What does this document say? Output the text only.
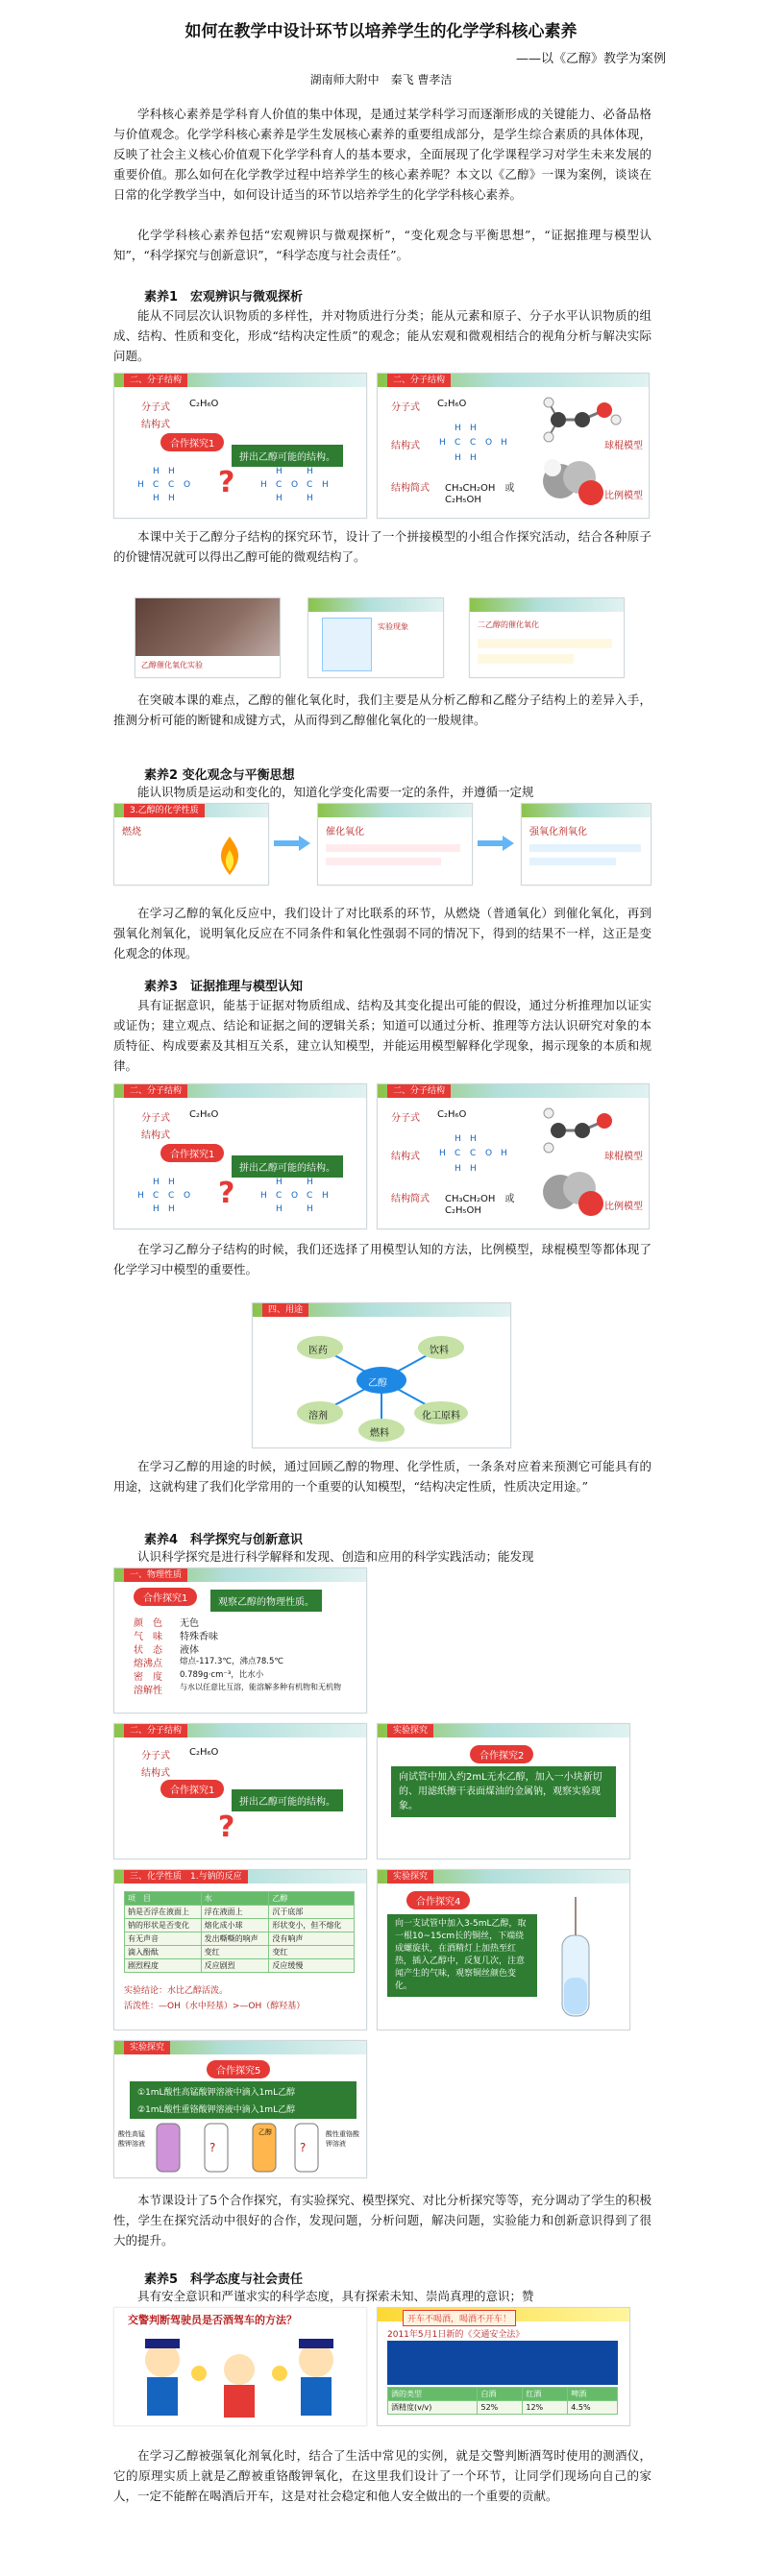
如何在教学中设计环节以培养学生的化学学科核心素养
——以《乙醇》教学为案例
湖南师大附中　秦飞 曹孝洁
学科核心素养是学科育人价值的集中体现，是通过某学科学习而逐渐形成的关键能力、必备品格与价值观念。化学学科核心素养是学生发展核心素养的重要组成部分，是学生综合素质的具体体现，反映了社会主义核心价值观下化学学科育人的基本要求，全面展现了化学课程学习对学生未来发展的重要价值。那么如何在化学教学过程中培养学生的核心素养呢？本文以《乙醇》一课为案例，谈谈在日常的化学教学当中，如何设计适当的环节以培养学生的化学学科核心素养。
化学学科核心素养包括“宏观辨识与微观探析”，“变化观念与平衡思想”，“证据推理与模型认知”，“科学探究与创新意识”，“科学态度与社会责任”。
素养1　宏观辨识与微观探析
能从不同层次认识物质的多样性，并对物质进行分类；能从元素和原子、分子水平认识物质的组成、结构、性质和变化，形成“结构决定性质”的观念；能从宏观和微观相结合的视角分析与解决实际问题。
二、分子结构
分子式 C₂H₆O
结构式
合作探究1
拼出乙醇可能的结构。
H C C O
H H
H H ?	H C O C H
H	H
H	H
二、分子结构
分子式 C₂H₆O
结构式 H C C O H
H H
H H
结构简式 CH₃CH₂OH　或
C₂H₅OH
球棍模型
比例模型
本课中关于乙醇分子结构的探究环节，设计了一个拼接模型的小组合作探究活动，结合各种原子的价键情况就可以得出乙醇可能的微观结构了。
乙醇催化氧化实验
实验现象	二乙醇的催化氧化
在突破本课的难点，乙醇的催化氧化时，我们主要是从分析乙醇和乙醛分子结构上的差异入手，推测分析可能的断键和成键方式，从而得到乙醇催化氧化的一般规律。
素养2 变化观念与平衡思想
能认识物质是运动和变化的，知道化学变化需要一定的条件，并遵循一定规
3.乙醇的化学性质
燃烧	催化氧化	强氧化剂氧化
在学习乙醇的氧化反应中，我们设计了对比联系的环节，从燃烧（普通氧化）到催化氧化，再到强氧化剂氧化，说明氧化反应在不同条件和氧化性强弱不同的情况下，得到的结果不一样，这正是变化观念的体现。
素养3　证据推理与模型认知
具有证据意识，能基于证据对物质组成、结构及其变化提出可能的假设，通过分析推理加以证实或证伪；建立观点、结论和证据之间的逻辑关系；知道可以通过分析、推理等方法认识研究对象的本质特征、构成要素及其相互关系，建立认知模型，并能运用模型解释化学现象，揭示现象的本质和规律。
二、分子结构
分子式 C₂H₆O
结构式
合作探究1
拼出乙醇可能的结构。
H C C O
H H
H H ?	H C O C H
H	H
H	H
二、分子结构
分子式 C₂H₆O
结构式 H C C O H
H H
H H
结构简式 CH₃CH₂OH　或
C₂H₅OH
球棍模型
比例模型
在学习乙醇分子结构的时候，我们还选择了用模型认知的方法，比例模型，球棍模型等都体现了化学学习中模型的重要性。
四、用途
乙醇
医药	饮料
溶剂	化工原料
燃料
在学习乙醇的用途的时候，通过回顾乙醇的物理、化学性质，一条条对应着来预测它可能具有的用途，这就构建了我们化学常用的一个重要的认知模型，“结构决定性质，性质决定用途。”
素养4　科学探究与创新意识
认识科学探究是进行科学解释和发现、创造和应用的科学实践活动；能发现
一、物理性质
合作探究1	观察乙醇的物理性质。
颜　色 无色
气　味 特殊香味
状　态 液体
熔沸点 熔点-117.3℃，沸点78.5℃
密　度 0.789g·cm⁻³，比水小
溶解性 与水以任意比互溶，能溶解多种有机物和无机物
二、分子结构
分子式 C₂H₆O
结构式
合作探究1
拼出乙醇可能的结构。
?
实验探究
合作探究2
向试管中加入约2mL无水乙醇，加入一小块新切的、用滤纸擦干表面煤油的金属钠，观察实验现象。
三、化学性质　1.与钠的反应
项　目	水	乙醇
钠是否浮在液面上	浮在液面上	沉于底部
钠的形状是否变化	熔化成小球	形状变小，但不熔化
有无声音	发出嘶嘶的响声	没有响声
滴入酚酞	变红	变红
剧烈程度	反应剧烈	反应缓慢
实验结论：水比乙醇活泼。
活泼性：—OH（水中羟基）>—OH（醇羟基）
实验探究
合作探究4
向一支试管中加入3-5mL乙醇，取一根10~15cm长的铜丝，下端绕成螺旋状，在酒精灯上加热至红热，插入乙醇中，反复几次，注意闻产生的气味，观察铜丝颜色变化。
实验探究
合作探究5
①1mL酸性高锰酸钾溶液中滴入1mL乙醇
②1mL酸性重铬酸钾溶液中滴入1mL乙醇
酸性高锰酸钾溶液	?	?
乙醇	酸性重铬酸钾溶液
本节课设计了5个合作探究，有实验探究、模型探究、对比分析探究等等，充分调动了学生的积极性，学生在探究活动中很好的合作，发现问题，分析问题，解决问题，实验能力和创新意识得到了很大的提升。
素养5　科学态度与社会责任
具有安全意识和严谨求实的科学态度，具有探索未知、崇尚真理的意识；赞
交警判断驾驶员是否酒驾车的方法？	开车不喝酒，喝酒不开车！
2011年5月1日新的《交通安全法》
酒的类型	白酒	红酒	啤酒
酒精度(v/v)	52%	12%	4.5%
在学习乙醇被强氧化剂氧化时，结合了生活中常见的实例，就是交警判断酒驾时使用的测酒仪，它的原理实质上就是乙醇被重铬酸钾氧化，在这里我们设计了一个环节，让同学们现场向自己的家人，一定不能醉在喝酒后开车，这是对社会稳定和他人安全做出的一个重要的贡献。
